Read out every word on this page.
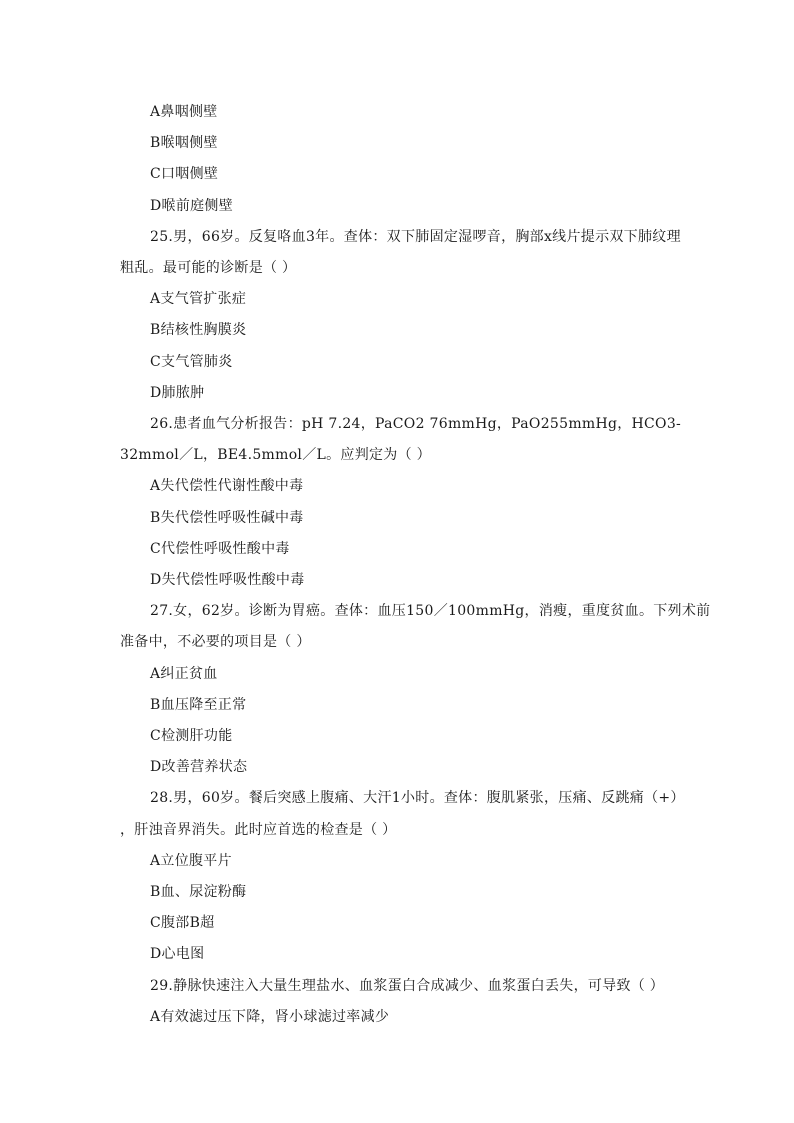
A鼻咽侧壁
B喉咽侧壁
C口咽侧壁
D喉前庭侧壁
25.男，66岁。反复咯血3年。查体：双下肺固定湿啰音，胸部x线片提示双下肺纹理
粗乱。最可能的诊断是（ ）
A支气管扩张症
B结核性胸膜炎
C支气管肺炎
D肺脓肿
26.患者血气分析报告：pH 7.24，PaCO2 76mmHg，PaO255mmHg，HCO3-
32mmol／L，BE4.5mmol／L。应判定为（ ）
A失代偿性代谢性酸中毒
B失代偿性呼吸性碱中毒
C代偿性呼吸性酸中毒
D失代偿性呼吸性酸中毒
27.女，62岁。诊断为胃癌。查体：血压150／100mmHg，消瘦，重度贫血。下列术前
准备中，不必要的项目是（ ）
A纠正贫血
B血压降至正常
C检测肝功能
D改善营养状态
28.男，60岁。餐后突感上腹痛、大汗1小时。查体：腹肌紧张，压痛、反跳痛（+）
，肝浊音界消失。此时应首选的检查是（ ）
A立位腹平片
B血、尿淀粉酶
C腹部B超
D心电图
29.静脉快速注入大量生理盐水、血浆蛋白合成减少、血浆蛋白丢失，可导致（ ）
A有效滤过压下降，肾小球滤过率减少
